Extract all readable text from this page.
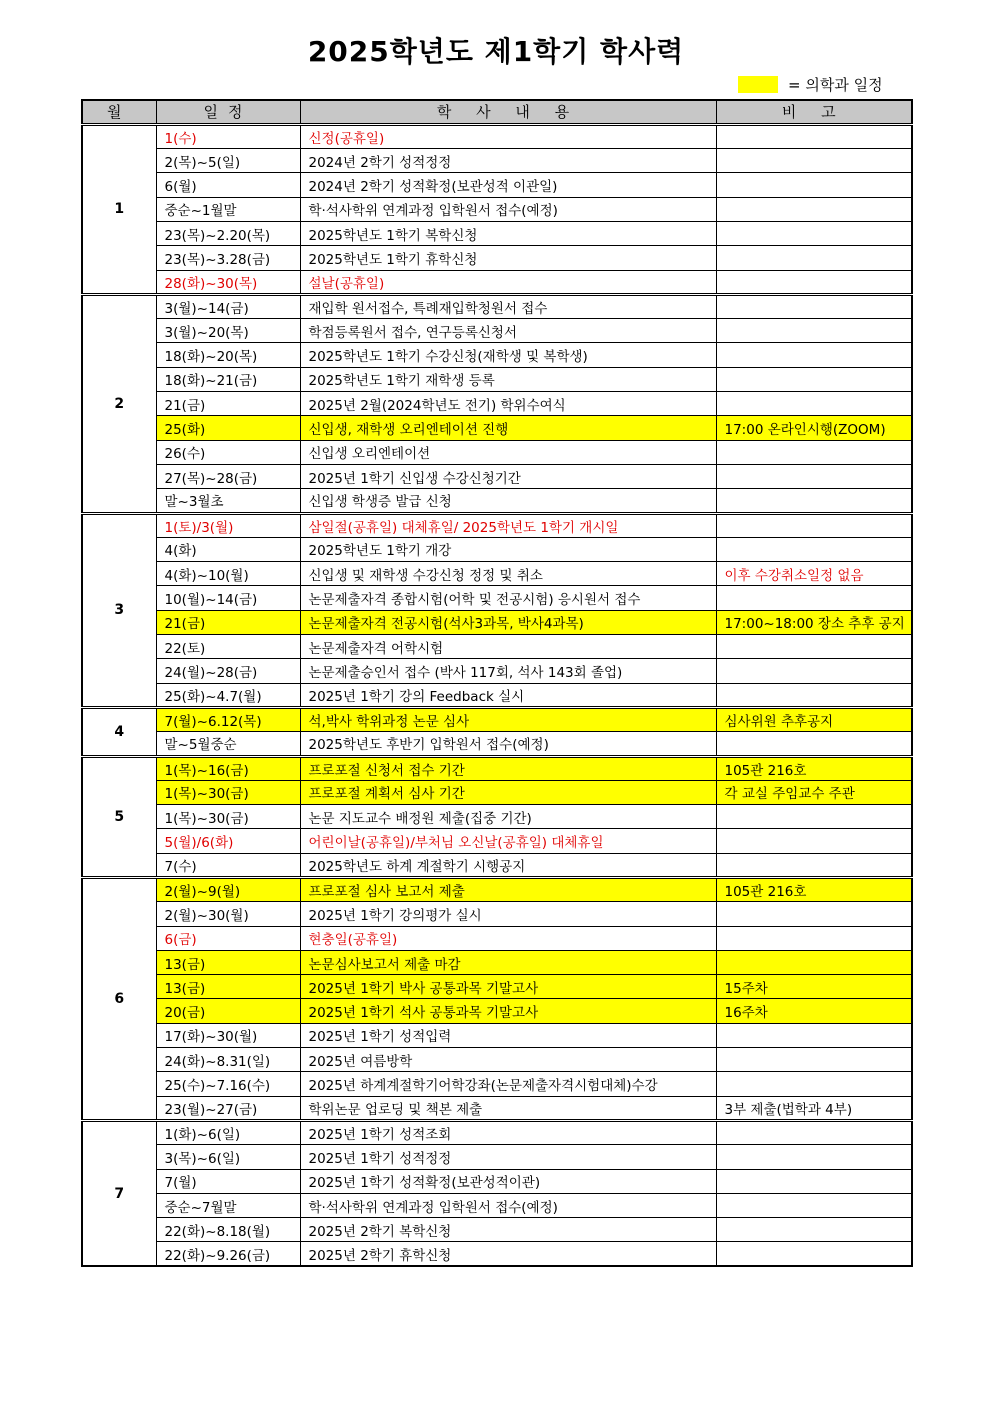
2025학년도 제1학기 학사력
= 의학과 일정
월	일정	학 사 내 용	비 고
1	1(수)	신정(공휴일)	
	2(목)~5(일)	2024년 2학기 성적정정	
	6(월)	2024년 2학기 성적확정(보관성적 이관일)	
	중순~1월말	학·석사학위 연계과정 입학원서 접수(예정)	
	23(목)~2.20(목)	2025학년도 1학기 복학신청	
	23(목)~3.28(금)	2025학년도 1학기 휴학신청	
	28(화)~30(목)	설날(공휴일)	
2	3(월)~14(금)	재입학 원서접수, 특례재입학청원서 접수	
	3(월)~20(목)	학점등록원서 접수, 연구등록신청서	
	18(화)~20(목)	2025학년도 1학기 수강신청(재학생 및 복학생)	
	18(화)~21(금)	2025학년도 1학기 재학생 등록	
	21(금)	2025년 2월(2024학년도 전기) 학위수여식	
	25(화)	신입생, 재학생 오리엔테이션 진행	17:00 온라인시행(ZOOM)
	26(수)	신입생 오리엔테이션	
	27(목)~28(금)	2025년 1학기 신입생 수강신청기간	
	말~3월초	신입생 학생증 발급 신청	
3	1(토)/3(월)	삼일절(공휴일) 대체휴일/ 2025학년도 1학기 개시일	
	4(화)	2025학년도 1학기 개강	
	4(화)~10(월)	신입생 및 재학생 수강신청 정정 및 취소	이후 수강취소일정 없음
	10(월)~14(금)	논문제출자격 종합시험(어학 및 전공시험) 응시원서 접수	
	21(금)	논문제출자격 전공시험(석사3과목, 박사4과목)	17:00~18:00 장소 추후 공지
	22(토)	논문제출자격 어학시험	
	24(월)~28(금)	논문제출승인서 접수 (박사 117회, 석사 143회 졸업)	
	25(화)~4.7(월)	2025년 1학기 강의 Feedback 실시	
4	7(월)~6.12(목)	석,박사 학위과정 논문 심사	심사위원 추후공지
	말~5월중순	2025학년도 후반기 입학원서 접수(예정)	
5	1(목)~16(금)	프로포절 신청서 접수 기간	105관 216호
	1(목)~30(금)	프로포절 계획서 심사 기간	각 교실 주임교수 주관
	1(목)~30(금)	논문 지도교수 배정원 제출(집중 기간)	
	5(월)/6(화)	어린이날(공휴일)/부처님 오신날(공휴일) 대체휴일	
	7(수)	2025학년도 하계 계절학기 시행공지	
6	2(월)~9(월)	프로포절 심사 보고서 제출	105관 216호
	2(월)~30(월)	2025년 1학기 강의평가 실시	
	6(금)	현충일(공휴일)	
	13(금)	논문심사보고서 제출 마감	
	13(금)	2025년 1학기 박사 공통과목 기말고사	15주차
	20(금)	2025년 1학기 석사 공통과목 기말고사	16주차
	17(화)~30(월)	2025년 1학기 성적입력	
	24(화)~8.31(일)	2025년 여름방학	
	25(수)~7.16(수)	2025년 하계계절학기어학강좌(논문제출자격시험대체)수강	
	23(월)~27(금)	학위논문 업로딩 및 책본 제출	3부 제출(법학과 4부)
7	1(화)~6(일)	2025년 1학기 성적조회	
	3(목)~6(일)	2025년 1학기 성적정정	
	7(월)	2025년 1학기 성적확정(보관성적이관)	
	중순~7월말	학·석사학위 연계과정 입학원서 접수(예정)	
	22(화)~8.18(월)	2025년 2학기 복학신청	
	22(화)~9.26(금)	2025년 2학기 휴학신청	
